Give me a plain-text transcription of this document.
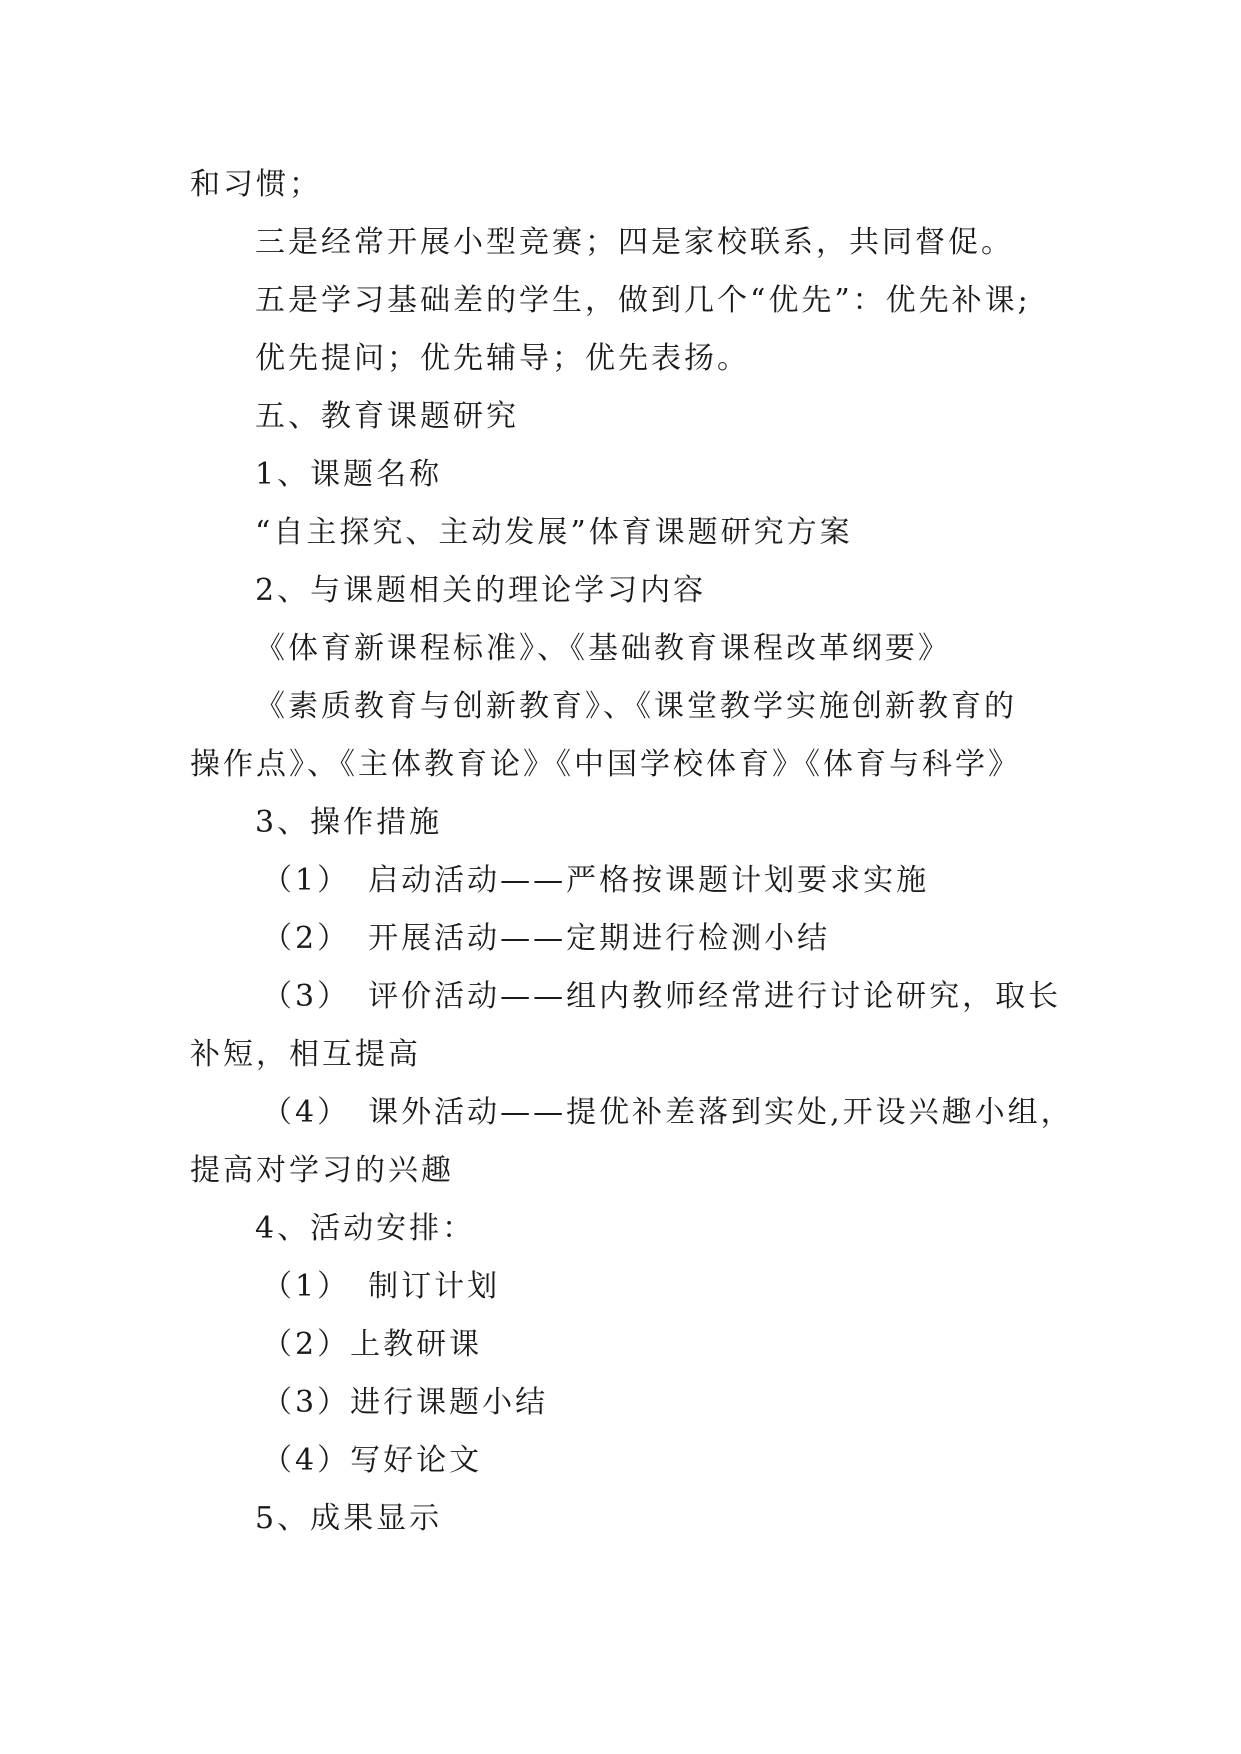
和习惯；
三是经常开展小型竞赛；四是家校联系，共同督促。
五是学习基础差的学生，做到几个“优先”：优先补课;
优先提问；优先辅导；优先表扬。
五、教育课题研究
1、课题名称
“自主探究、主动发展”体育课题研究方案
2、与课题相关的理论学习内容
《体育新课程标准》、《基础教育课程改革纲要》
《素质教育与创新教育》、《课堂教学实施创新教育的
操作点》、《主体教育论》《中国学校体育》《体育与科学》
3、操作措施
（1）　启动活动——严格按课题计划要求实施
（2）　开展活动——定期进行检测小结
（3）　评价活动——组内教师经常进行讨论研究，取长
补短，相互提高
（4）　课外活动——提优补差落到实处,开设兴趣小组，
提高对学习的兴趣
4、活动安排：
（1）　制订计划
（2）上教研课
（3）进行课题小结
（4）写好论文
5、成果显示
